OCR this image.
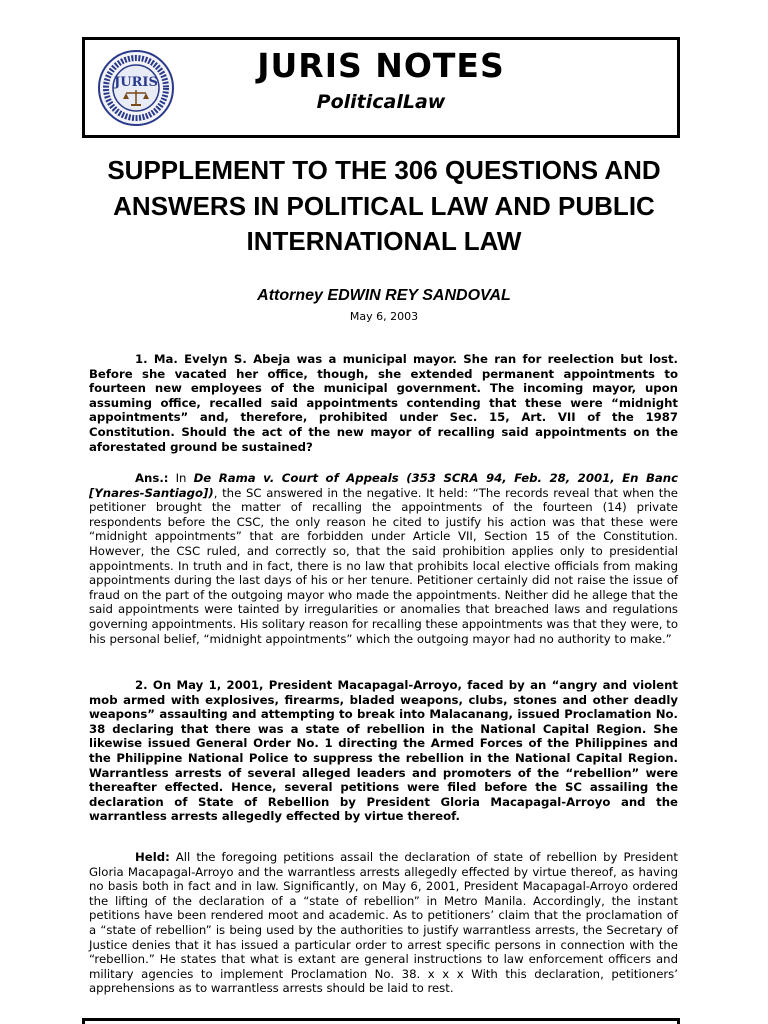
JURIS	JURIS NOTES
PoliticalLaw
SUPPLEMENT TO THE 306 QUESTIONS AND ANSWERS IN POLITICAL LAW AND PUBLIC INTERNATIONAL LAW
Attorney EDWIN REY SANDOVAL
May 6, 2003

1. Ma. Evelyn S. Abeja was a municipal mayor. She ran for reelection but lost. Before she vacated her office, though, she extended permanent appointments to fourteen new employees of the municipal government. The incoming mayor, upon assuming office, recalled said appointments contending that these were “midnight appointments” and, therefore, prohibited under Sec. 15, Art. VII of the 1987 Constitution. Should the act of the new mayor of recalling said appointments on the aforestated ground be sustained?

Ans.: In De Rama v. Court of Appeals (353 SCRA 94, Feb. 28, 2001, En Banc [Ynares-Santiago]), the SC answered in the negative. It held: “The records reveal that when the petitioner brought the matter of recalling the appointments of the fourteen (14) private respondents before the CSC, the only reason he cited to justify his action was that these were “midnight appointments” that are forbidden under Article VII, Section 15 of the Constitution. However, the CSC ruled, and correctly so, that the said prohibition applies only to presidential appointments. In truth and in fact, there is no law that prohibits local elective officials from making appointments during the last days of his or her tenure. Petitioner certainly did not raise the issue of fraud on the part of the outgoing mayor who made the appointments. Neither did he allege that the said appointments were tainted by irregularities or anomalies that breached laws and regulations governing appointments. His solitary reason for recalling these appointments was that they were, to his personal belief, “midnight appointments” which the outgoing mayor had no authority to make.”

2. On May 1, 2001, President Macapagal-Arroyo, faced by an “angry and violent mob armed with explosives, firearms, bladed weapons, clubs, stones and other deadly weapons” assaulting and attempting to break into Malacanang, issued Proclamation No. 38 declaring that there was a state of rebellion in the National Capital Region. She likewise issued General Order No. 1 directing the Armed Forces of the Philippines and the Philippine National Police to suppress the rebellion in the National Capital Region. Warrantless arrests of several alleged leaders and promoters of the “rebellion” were thereafter effected. Hence, several petitions were filed before the SC assailing the declaration of State of Rebellion by President Gloria Macapagal-Arroyo and the warrantless arrests allegedly effected by virtue thereof.

Held: All the foregoing petitions assail the declaration of state of rebellion by President Gloria Macapagal-Arroyo and the warrantless arrests allegedly effected by virtue thereof, as having no basis both in fact and in law. Significantly, on May 6, 2001, President Macapagal-Arroyo ordered the lifting of the declaration of a “state of rebellion” in Metro Manila. Accordingly, the instant petitions have been rendered moot and academic. As to petitioners’ claim that the proclamation of a “state of rebellion” is being used by the authorities to justify warrantless arrests, the Secretary of Justice denies that it has issued a particular order to arrest specific persons in connection with the “rebellion.” He states that what is extant are general instructions to law enforcement officers and military agencies to implement Proclamation No. 38. x x x With this declaration, petitioners’ apprehensions as to warrantless arrests should be laid to rest.
